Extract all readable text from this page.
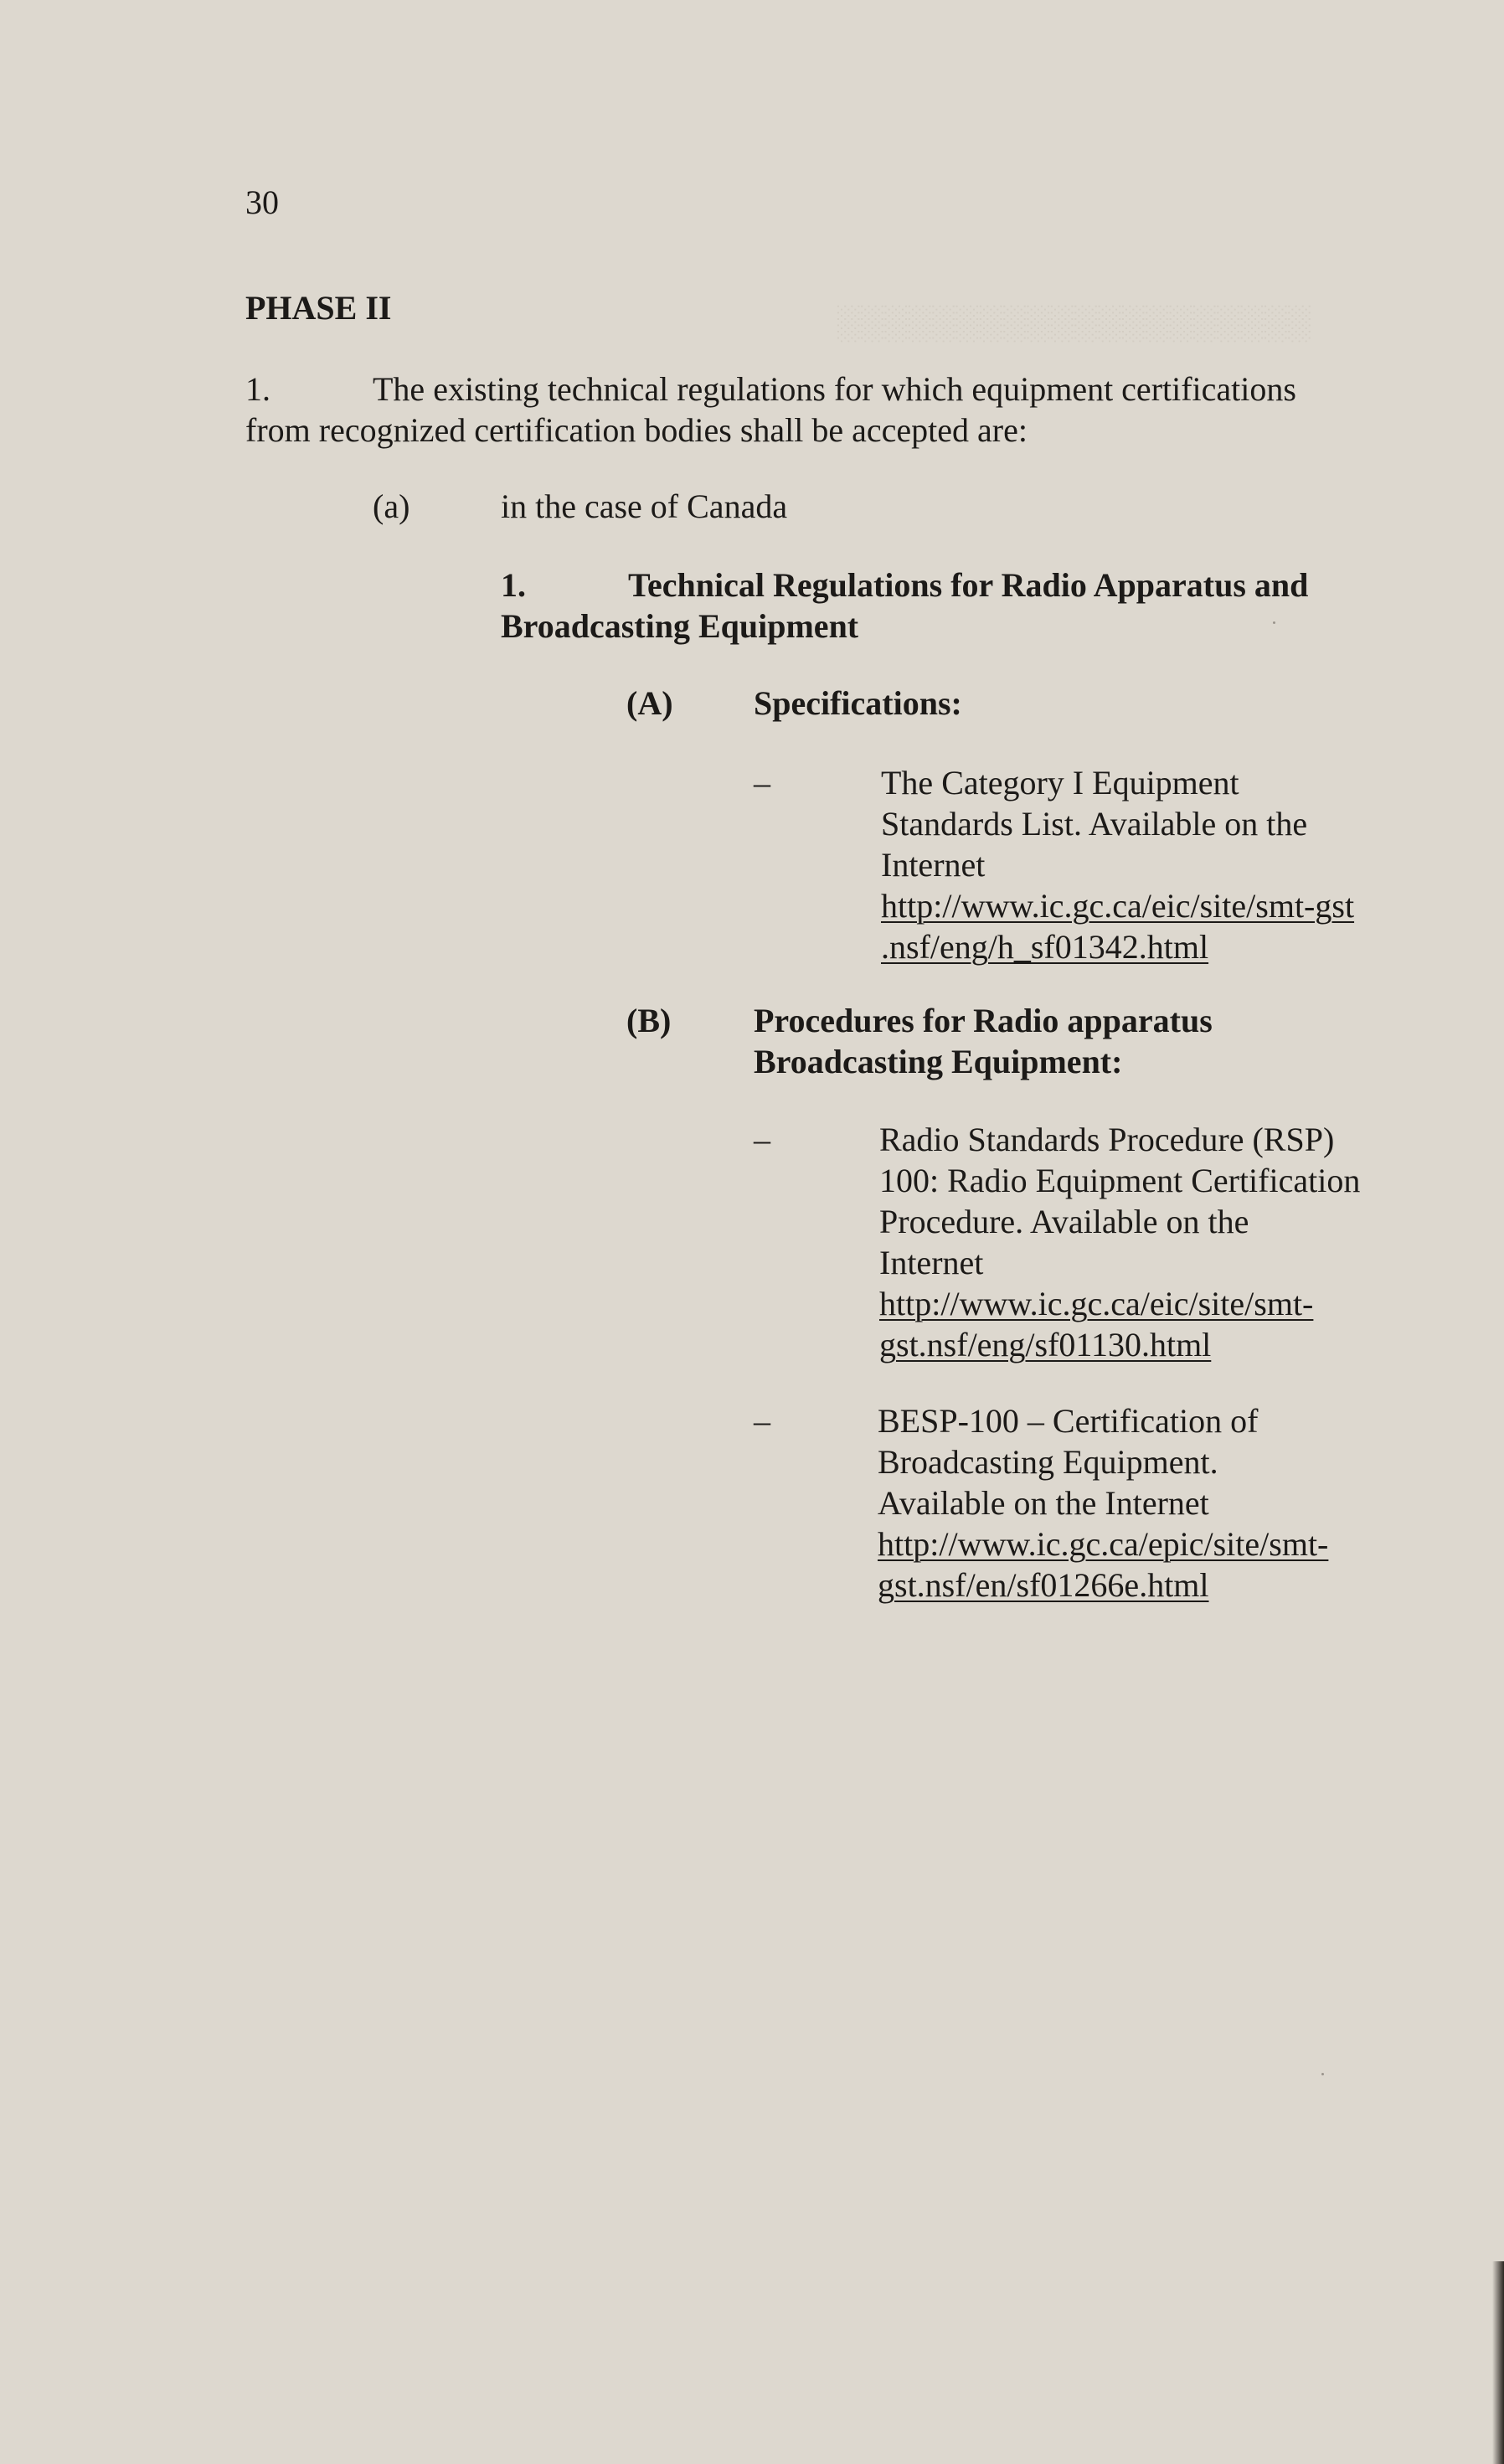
░░░░░░░░░░░░░░░░░░░░
30
PHASE II
1.	The existing technical regulations for which equipment certifications
from recognized certification bodies shall be accepted are:
(a)	in the case of Canada
1.	Technical Regulations for Radio Apparatus and
Broadcasting Equipment
(A) Specifications:
–	The Category I Equipment
Standards List. Available on the
Internet
http://www.ic.gc.ca/eic/site/smt-gst
.nsf/eng/h_sf01342.html
(B) Procedures for Radio apparatus
Broadcasting Equipment:
–	Radio Standards Procedure (RSP)
100: Radio Equipment Certification
Procedure. Available on the
Internet
http://www.ic.gc.ca/eic/site/smt-
gst.nsf/eng/sf01130.html
–	BESP-100 – Certification of
Broadcasting Equipment.
Available on the Internet
http://www.ic.gc.ca/epic/site/smt-
gst.nsf/en/sf01266e.html
